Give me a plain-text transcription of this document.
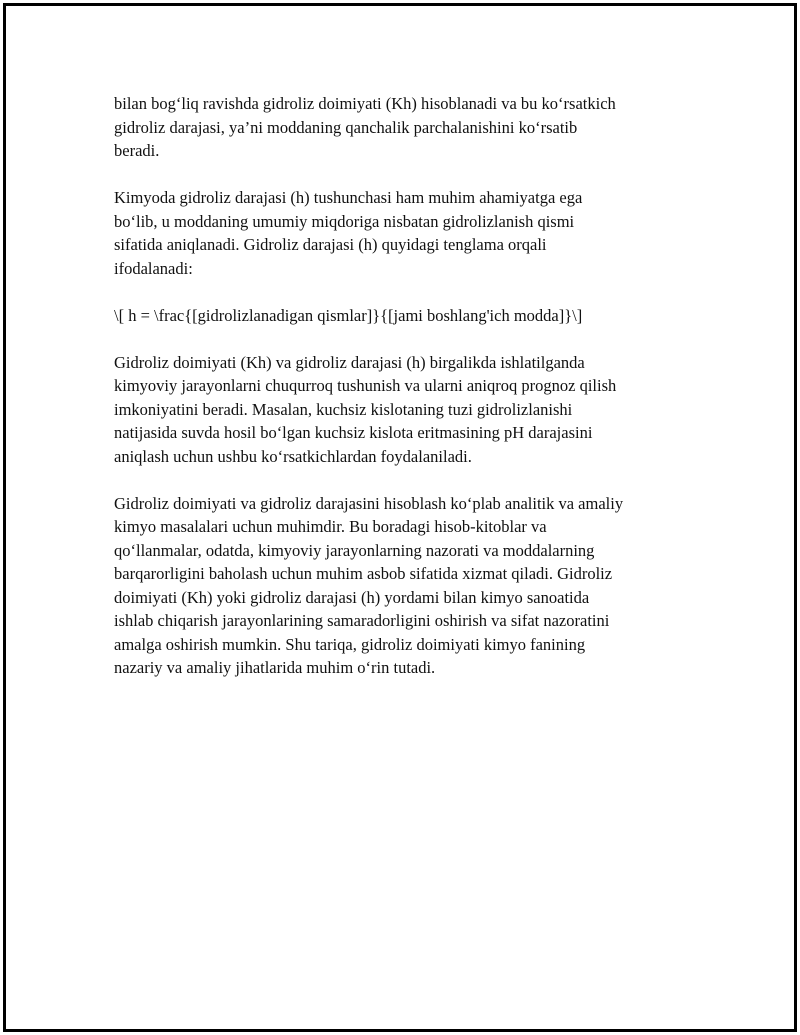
bilan bog‘liq ravishda gidroliz doimiyati (Kh) hisoblanadi va bu ko‘rsatkich
gidroliz darajasi, ya’ni moddaning qanchalik parchalanishini ko‘rsatib
beradi.

Kimyoda gidroliz darajasi (h) tushunchasi ham muhim ahamiyatga ega
bo‘lib, u moddaning umumiy miqdoriga nisbatan gidrolizlanish qismi
sifatida aniqlanadi. Gidroliz darajasi (h) quyidagi tenglama orqali
ifodalanadi:

\[ h = \frac{[gidrolizlanadigan qismlar]}{[jami boshlang'ich modda]}\]

Gidroliz doimiyati (Kh) va gidroliz darajasi (h) birgalikda ishlatilganda
kimyoviy jarayonlarni chuqurroq tushunish va ularni aniqroq prognoz qilish
imkoniyatini beradi. Masalan, kuchsiz kislotaning tuzi gidrolizlanishi
natijasida suvda hosil bo‘lgan kuchsiz kislota eritmasining pH darajasini
aniqlash uchun ushbu ko‘rsatkichlardan foydalaniladi.

Gidroliz doimiyati va gidroliz darajasini hisoblash ko‘plab analitik va amaliy
kimyo masalalari uchun muhimdir. Bu boradagi hisob-kitoblar va
qo‘llanmalar, odatda, kimyoviy jarayonlarning nazorati va moddalarning
barqarorligini baholash uchun muhim asbob sifatida xizmat qiladi. Gidroliz
doimiyati (Kh) yoki gidroliz darajasi (h) yordami bilan kimyo sanoatida
ishlab chiqarish jarayonlarining samaradorligini oshirish va sifat nazoratini
amalga oshirish mumkin. Shu tariqa, gidroliz doimiyati kimyo fanining
nazariy va amaliy jihatlarida muhim o‘rin tutadi.
